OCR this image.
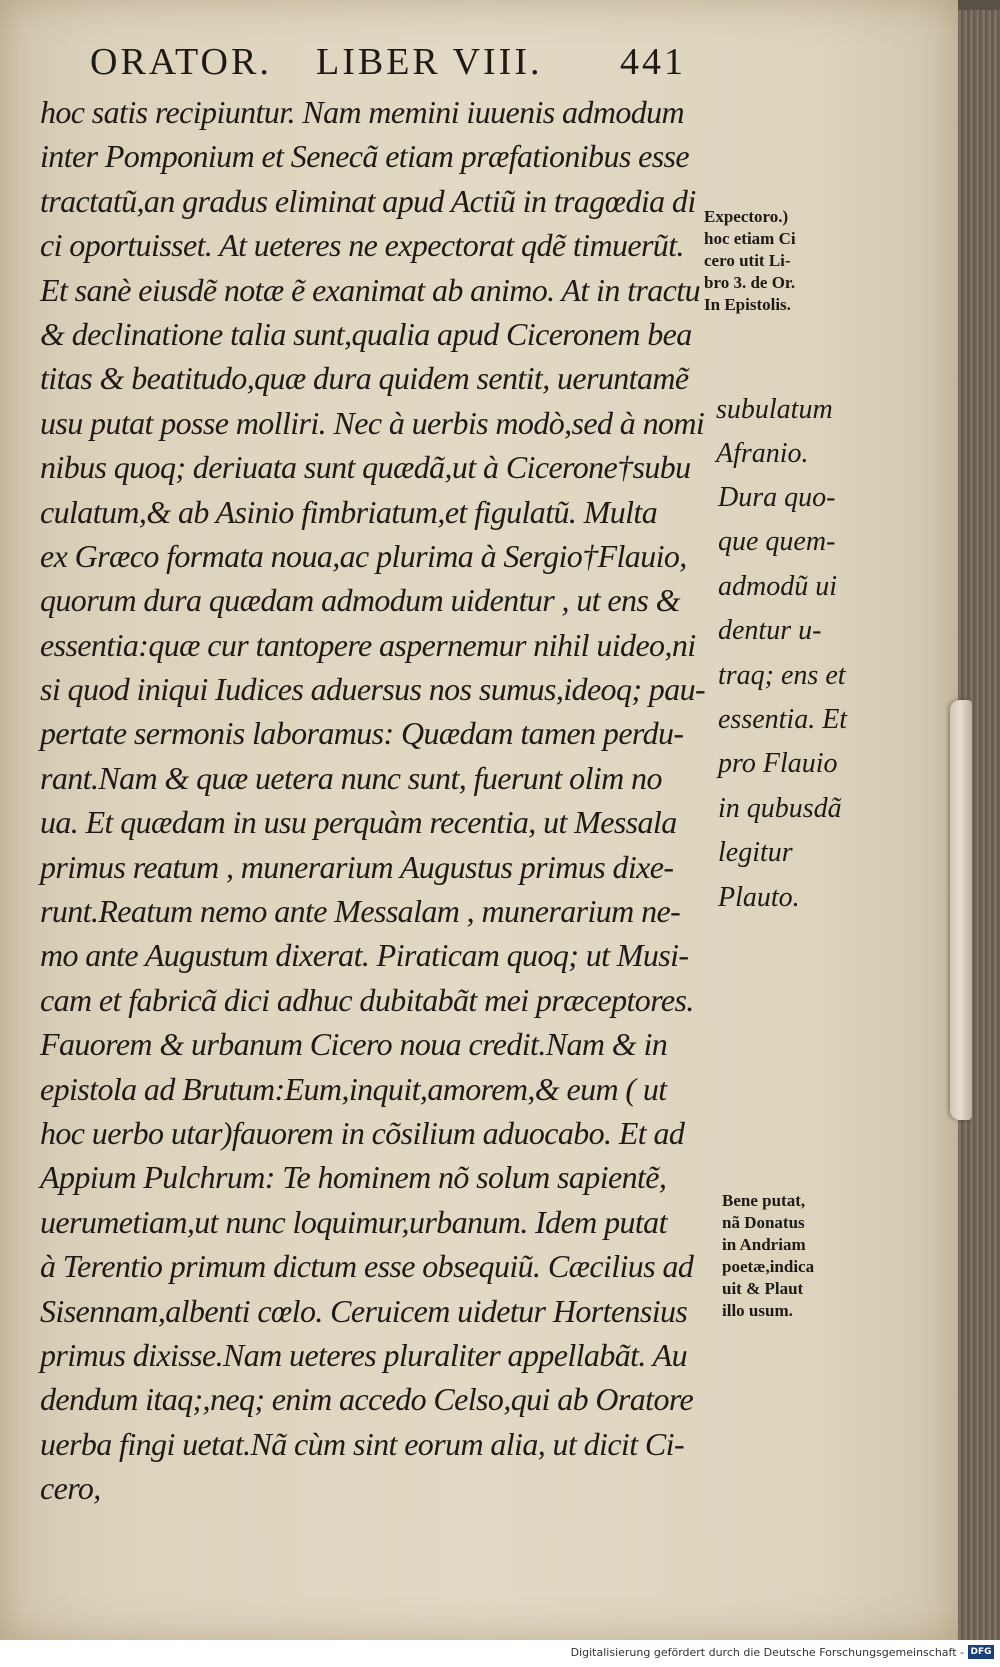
ORATOR. LIBER VIII. 441
hoc satis recipiuntur. Nam memini iuuenis admodum
inter Pomponium et Senecã etiam præfationibus esse
tractatũ,an gradus eliminat apud Actiũ in tragœdia di
ci oportuisset. At ueteres ne expectorat qdẽ timuerũt.
Et sanè eiusdẽ notæ ẽ exanimat ab animo. At in tractu
& declinatione talia sunt,qualia apud Ciceronem bea
titas & beatitudo,quæ dura quidem sentit, ueruntamẽ
usu putat posse molliri. Nec à uerbis modò,sed à nomi
nibus quoq; deriuata sunt quædã,ut à Cicerone†subu
culatum,& ab Asinio fimbriatum,et figulatũ. Multa
ex Græco formata noua,ac plurima à Sergio†Flauio,
quorum dura quædam admodum uidentur , ut ens &
essentia:quæ cur tantopere aspernemur nihil uideo,ni
si quod iniqui Iudices aduersus nos sumus,ideoq; pau-
pertate sermonis laboramus: Quædam tamen perdu-
rant.Nam & quæ uetera nunc sunt, fuerunt olim no
ua. Et quædam in usu perquàm recentia, ut Messala
primus reatum , munerarium Augustus primus dixe-
runt.Reatum nemo ante Messalam , munerarium ne-
mo ante Augustum dixerat. Piraticam quoq; ut Musi-
cam et fabricã dici adhuc dubitabãt mei præceptores.
Fauorem & urbanum Cicero noua credit.Nam & in
epistola ad Brutum:Eum,inquit,amorem,& eum ( ut
hoc uerbo utar)fauorem in cõsilium aduocabo. Et ad
Appium Pulchrum: Te hominem nõ solum sapientẽ,
uerumetiam,ut nunc loquimur,urbanum. Idem putat
à Terentio primum dictum esse obsequiũ. Cæcilius ad
Sisennam,albenti cœlo. Ceruicem uidetur Hortensius
primus dixisse.Nam ueteres pluraliter appellabãt. Au
dendum itaq;,neq; enim accedo Celso,qui ab Oratore
uerba fingi uetat.Nã cùm sint eorum alia, ut dicit Ci-
cero,
Expectoro.)
hoc etiam Ci
cero utit Li-
bro 3. de Or.
In Epistolis.
subulatum
Afranio.
Dura quo-
que quem-
admodũ ui
dentur u-
traq; ens et
essentia. Et
pro Flauio
in qubusdã
legitur
Plauto.
Bene putat,
nã Donatus
in Andriam
poetæ,indica
uit & Plaut
illo usum.
Digitalisierung gefördert durch die Deutsche Forschungsgemeinschaft - DFG
